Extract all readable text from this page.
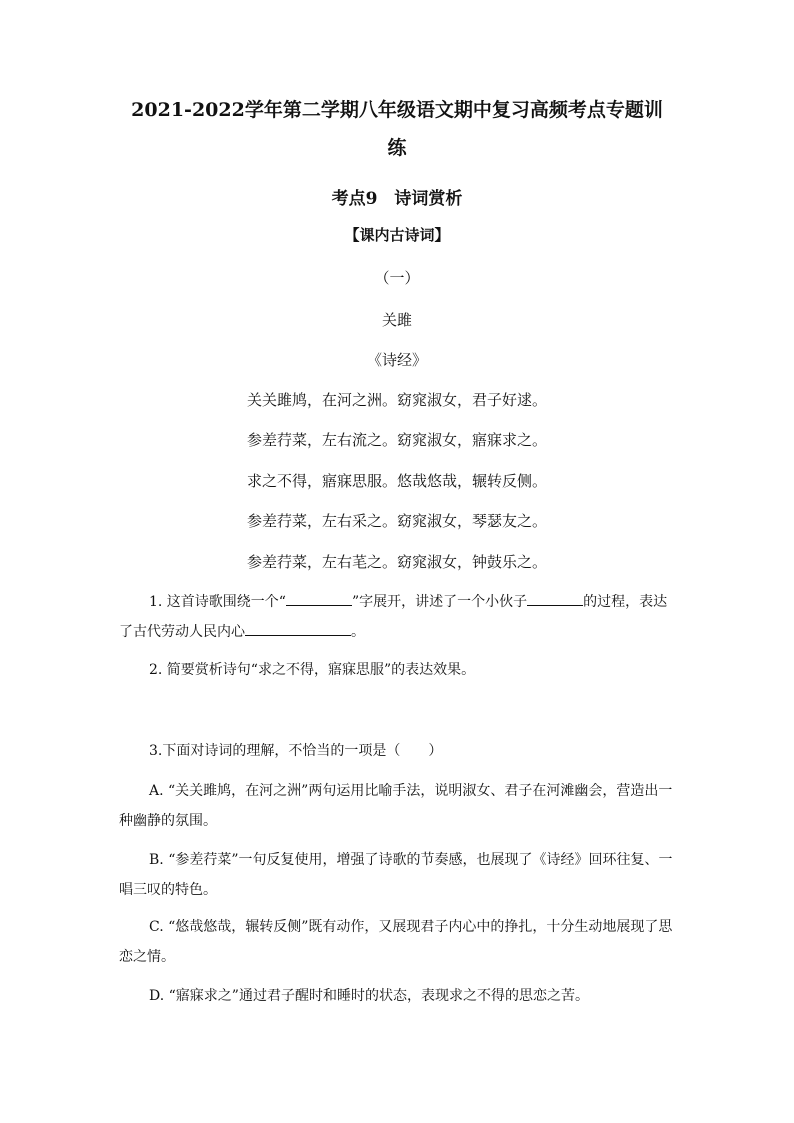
2021-2022学年第二学期八年级语文期中复习高频考点专题训
练
考点9　诗词赏析
【课内古诗词】
（一）
关雎
《诗经》
关关雎鸠，在河之洲。窈窕淑女，君子好逑。
参差荇菜，左右流之。窈窕淑女，寤寐求之。
求之不得，寤寐思服。悠哉悠哉，辗转反侧。
参差荇菜，左右采之。窈窕淑女，琴瑟友之。
参差荇菜，左右芼之。窈窕淑女，钟鼓乐之。
1. 这首诗歌围绕一个“	”字展开，讲述了一个小伙子	的过程，表达
了古代劳动人民内心	。
2. 简要赏析诗句“求之不得，寤寐思服”的表达效果。
3.下面对诗词的理解，不恰当的一项是（　　）
A. “关关雎鸠，在河之洲”两句运用比喻手法，说明淑女、君子在河滩幽会，营造出一种幽静的氛围。
B. “参差荇菜”一句反复使用，增强了诗歌的节奏感，也展现了《诗经》回环往复、一唱三叹的特色。
C. “悠哉悠哉，辗转反侧”既有动作，又展现君子内心中的挣扎，十分生动地展现了思恋之情。
D. “寤寐求之”通过君子醒时和睡时的状态，表现求之不得的思恋之苦。
